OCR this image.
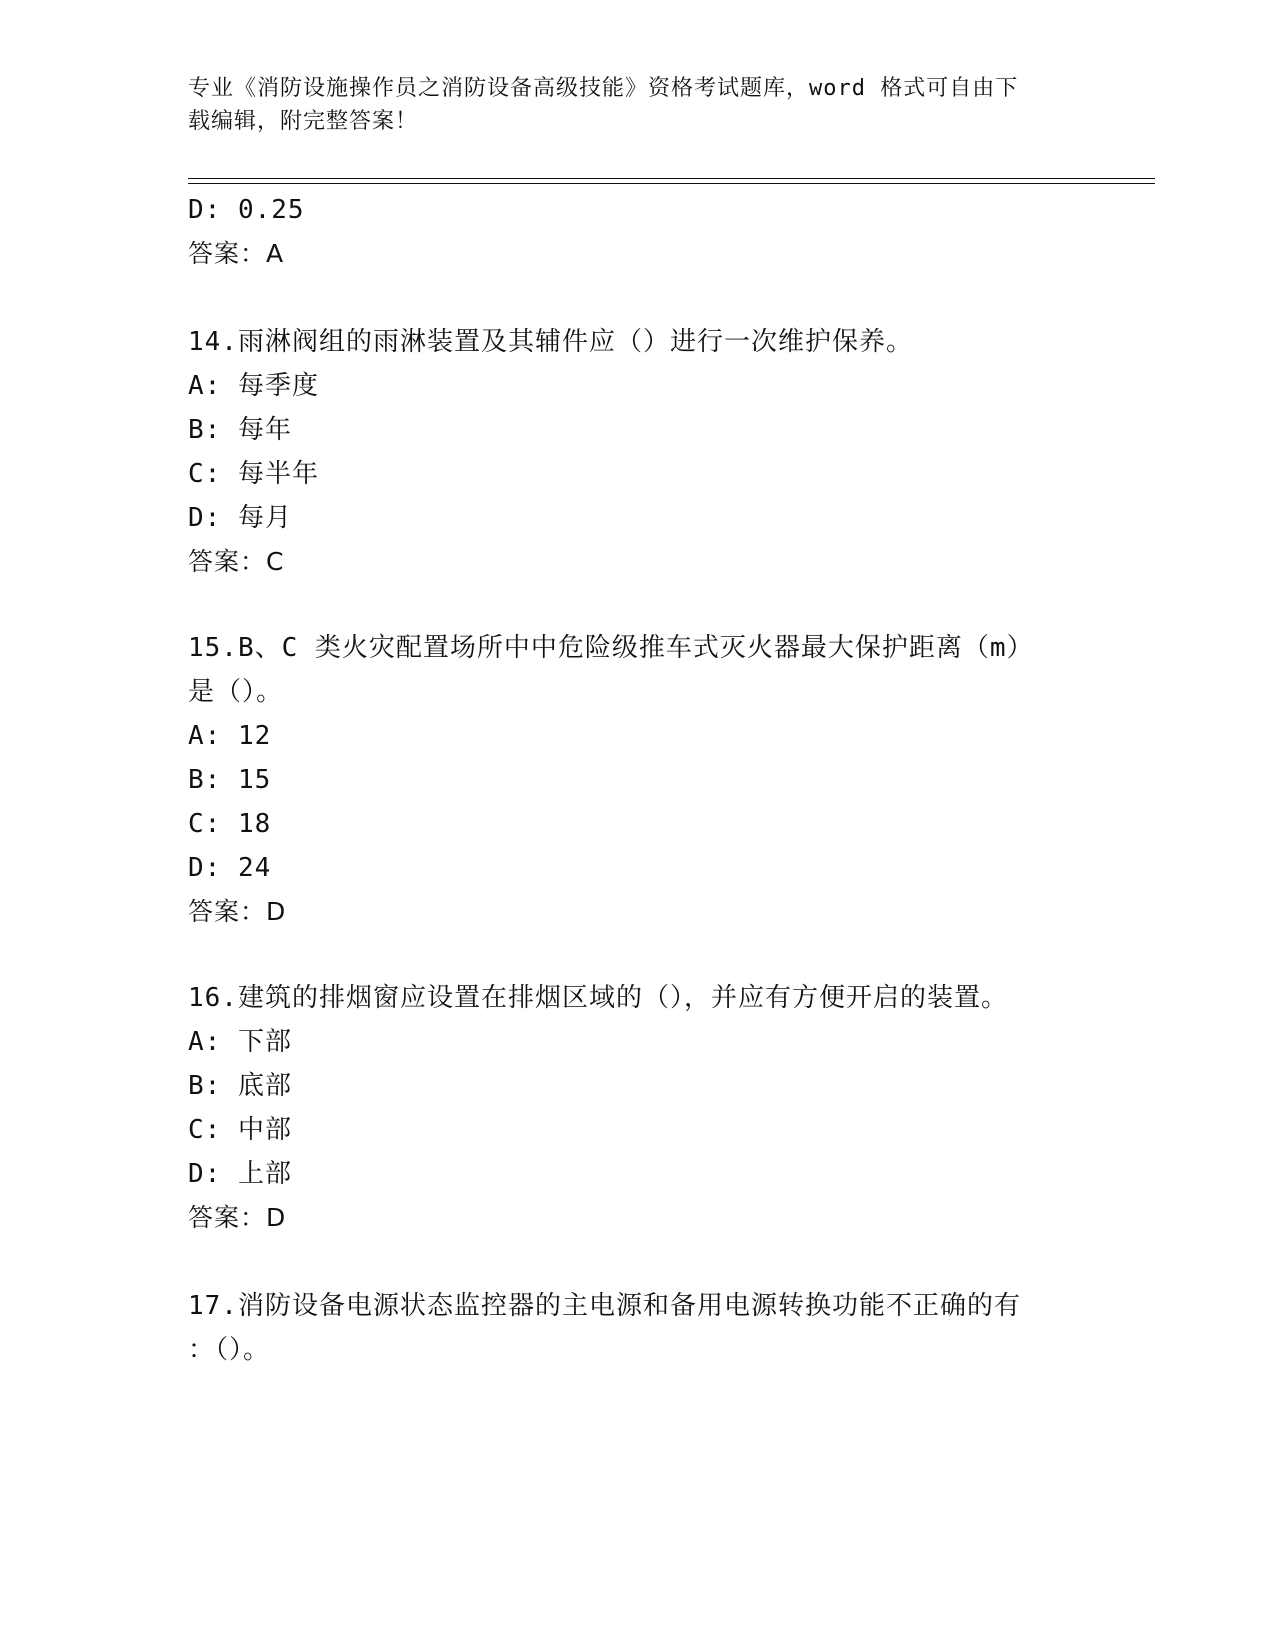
专业《消防设施操作员之消防设备高级技能》资格考试题库，word 格式可自由下
载编辑，附完整答案！
D: 0.25
答案：A
14.雨淋阀组的雨淋装置及其辅件应（）进行一次维护保养。
A: 每季度
B: 每年
C: 每半年
D: 每月
答案：C
15.B、C 类火灾配置场所中中危险级推车式灭火器最大保护距离（m）
是（）。
A: 12
B: 15
C: 18
D: 24
答案：D
16.建筑的排烟窗应设置在排烟区域的（），并应有方便开启的装置。
A: 下部
B: 底部
C: 中部
D: 上部
答案：D
17.消防设备电源状态监控器的主电源和备用电源转换功能不正确的有
：（）。
